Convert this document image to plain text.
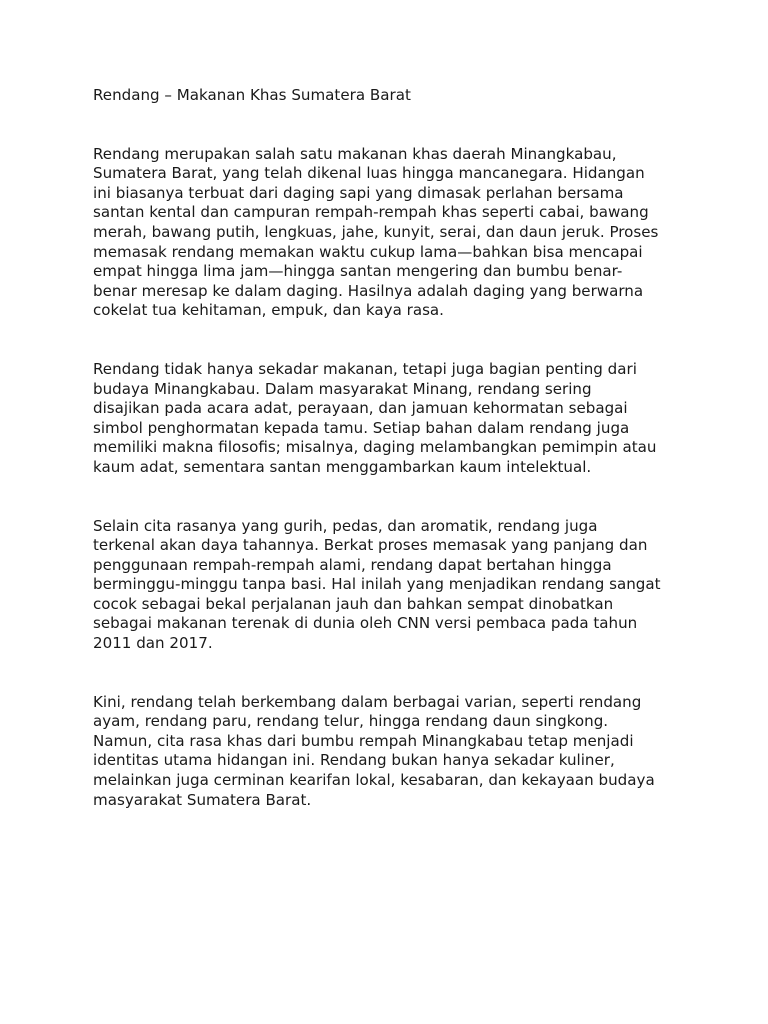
Rendang – Makanan Khas Sumatera Barat

Rendang merupakan salah satu makanan khas daerah Minangkabau,
Sumatera Barat, yang telah dikenal luas hingga mancanegara. Hidangan
ini biasanya terbuat dari daging sapi yang dimasak perlahan bersama
santan kental dan campuran rempah-rempah khas seperti cabai, bawang
merah, bawang putih, lengkuas, jahe, kunyit, serai, dan daun jeruk. Proses
memasak rendang memakan waktu cukup lama—bahkan bisa mencapai
empat hingga lima jam—hingga santan mengering dan bumbu benar-
benar meresap ke dalam daging. Hasilnya adalah daging yang berwarna
cokelat tua kehitaman, empuk, dan kaya rasa.

Rendang tidak hanya sekadar makanan, tetapi juga bagian penting dari
budaya Minangkabau. Dalam masyarakat Minang, rendang sering
disajikan pada acara adat, perayaan, dan jamuan kehormatan sebagai
simbol penghormatan kepada tamu. Setiap bahan dalam rendang juga
memiliki makna filosofis; misalnya, daging melambangkan pemimpin atau
kaum adat, sementara santan menggambarkan kaum intelektual.

Selain cita rasanya yang gurih, pedas, dan aromatik, rendang juga
terkenal akan daya tahannya. Berkat proses memasak yang panjang dan
penggunaan rempah-rempah alami, rendang dapat bertahan hingga
berminggu-minggu tanpa basi. Hal inilah yang menjadikan rendang sangat
cocok sebagai bekal perjalanan jauh dan bahkan sempat dinobatkan
sebagai makanan terenak di dunia oleh CNN versi pembaca pada tahun
2011 dan 2017.

Kini, rendang telah berkembang dalam berbagai varian, seperti rendang
ayam, rendang paru, rendang telur, hingga rendang daun singkong.
Namun, cita rasa khas dari bumbu rempah Minangkabau tetap menjadi
identitas utama hidangan ini. Rendang bukan hanya sekadar kuliner,
melainkan juga cerminan kearifan lokal, kesabaran, dan kekayaan budaya
masyarakat Sumatera Barat.
